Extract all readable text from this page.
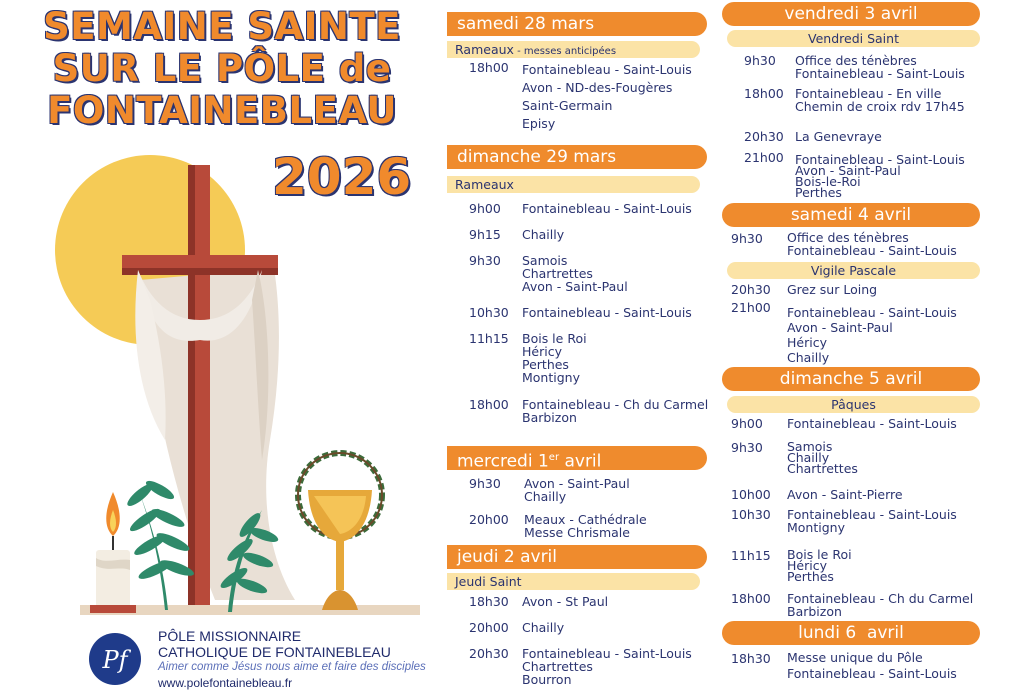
SEMAINE SAINTE
SUR LE PÔLE de
FONTAINEBLEAU
2026
Pf
PÔLE MISSIONNAIRE
CATHOLIQUE DE FONTAINEBLEAU
Aimer comme Jésus nous aime et faire des disciples
www.polefontainebleau.fr
samedi 28 mars
Rameaux - messes anticipées
18h00 Fontainebleau - Saint-Louis
Avon - ND-des-Fougères
Saint-Germain
Episy
dimanche 29 mars
Rameaux
9h00 Fontainebleau - Saint-Louis
9h15 Chailly
9h30 Samois
Chartrettes
Avon - Saint-Paul
10h30 Fontainebleau - Saint-Louis
11h15 Bois le Roi
Héricy
Perthes
Montigny
18h00 Fontainebleau - Ch du Carmel
Barbizon
mercredi 1er avril
9h30 Avon - Saint-Paul
Chailly
20h00 Meaux - Cathédrale
Messe Chrismale
jeudi 2 avril
Jeudi Saint
18h30 Avon - St Paul
20h00 Chailly
20h30 Fontainebleau - Saint-Louis
Chartrettes
Bourron
vendredi 3 avril
Vendredi Saint
9h30 Office des ténèbres
Fontainebleau - Saint-Louis
18h00 Fontainebleau - En ville
Chemin de croix rdv 17h45
20h30 La Genevraye
21h00 Fontainebleau - Saint-Louis
Avon - Saint-Paul
Bois-le-Roi
Perthes
samedi 4 avril
9h30 Office des ténèbres
Fontainebleau - Saint-Louis
Vigile Pascale
20h30 Grez sur Loing
21h00 Fontainebleau - Saint-Louis
Avon - Saint-Paul
Héricy
Chailly
dimanche 5 avril
Pâques
9h00 Fontainebleau - Saint-Louis
9h30 Samois
Chailly
Chartrettes
10h00 Avon - Saint-Pierre
10h30 Fontainebleau - Saint-Louis
Montigny
11h15 Bois le Roi
Héricy
Perthes
18h00 Fontainebleau - Ch du Carmel
Barbizon
lundi 6  avril
18h30 Messe unique du Pôle
Fontainebleau - Saint-Louis
